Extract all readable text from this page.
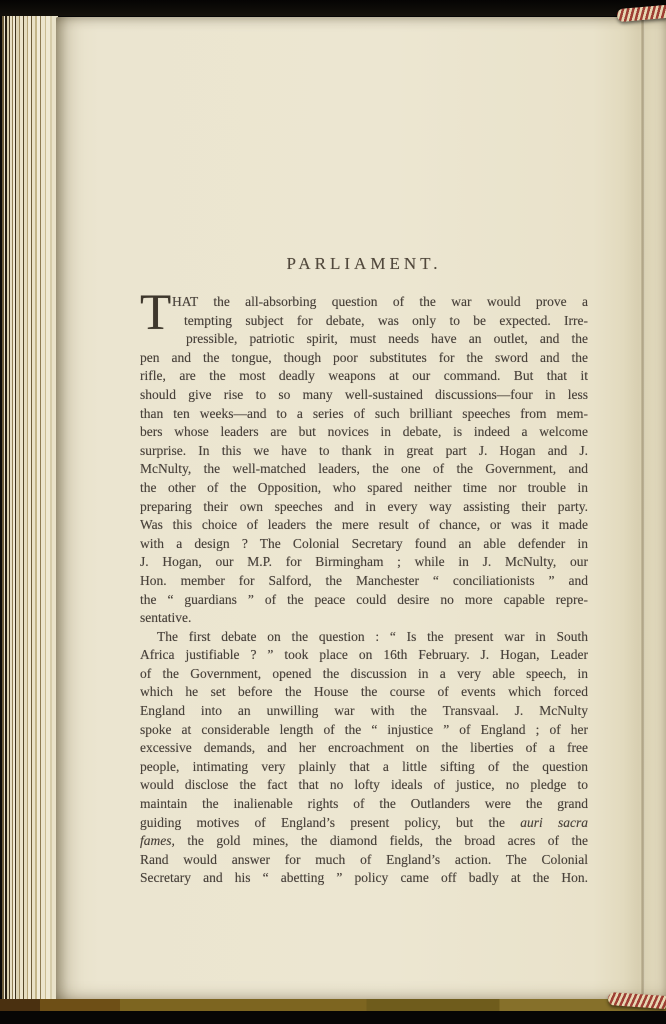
PARLIAMENT.
T HAT the all-absorbing question of the war would prove a
tempting subject for debate, was only to be expected. Irre-
pressible, patriotic spirit, must needs have an outlet, and the
pen and the tongue, though poor substitutes for the sword and the
rifle, are the most deadly weapons at our command. But that it
should give rise to so many well-sustained discussions—four in less
than ten weeks—and to a series of such brilliant speeches from mem-
bers whose leaders are but novices in debate, is indeed a welcome
surprise. In this we have to thank in great part J. Hogan and J.
McNulty, the well-matched leaders, the one of the Government, and
the other of the Opposition, who spared neither time nor trouble in
preparing their own speeches and in every way assisting their party.
Was this choice of leaders the mere result of chance, or was it made
with a design ? The Colonial Secretary found an able defender in
J. Hogan, our M.P. for Birmingham ; while in J. McNulty, our
Hon. member for Salford, the Manchester “ conciliationists ” and
the “ guardians ” of the peace could desire no more capable repre-
sentative.
The first debate on the question : “ Is the present war in South
Africa justifiable ? ” took place on 16th February. J. Hogan, Leader
of the Government, opened the discussion in a very able speech, in
which he set before the House the course of events which forced
England into an unwilling war with the Transvaal. J. McNulty
spoke at considerable length of the “ injustice ” of England ; of her
excessive demands, and her encroachment on the liberties of a free
people, intimating very plainly that a little sifting of the question
would disclose the fact that no lofty ideals of justice, no pledge to
maintain the inalienable rights of the Outlanders were the grand
guiding motives of England’s present policy, but the auri sacra
fames, the gold mines, the diamond fields, the broad acres of the
Rand would answer for much of England’s action. The Colonial
Secretary and his “ abetting ” policy came off badly at the Hon.
